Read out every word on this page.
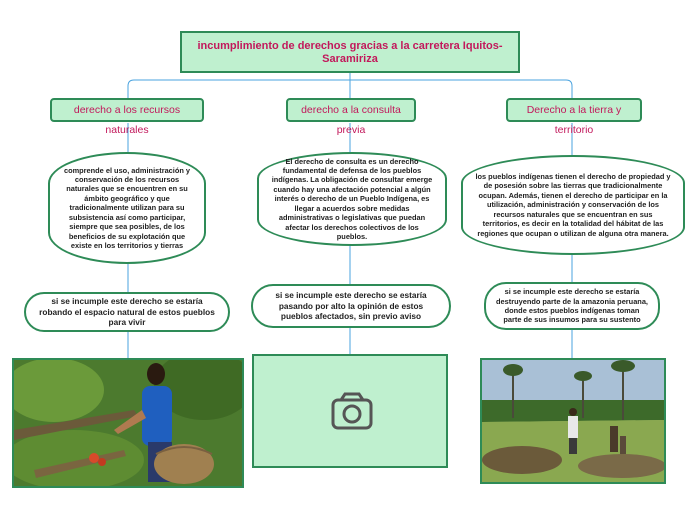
incumplimiento de derechos gracias a la carretera Iquitos-Saramiriza
derecho a los recursos naturales
comprende el uso, administración y conservación de los recursos naturales que se encuentren en su ámbito geográfico y que tradicionalmente utilizan para su subsistencia así como participar, siempre que sea posibles, de los beneficios de su explotación que existe en los territorios y tierras
si se incumple este derecho se estaría robando el espacio natural de estos pueblos para vivir
derecho a la consulta previa
El derecho de consulta es un derecho fundamental de defensa de los pueblos indígenas. La obligación de consultar emerge cuando hay una afectación potencial a algún interés o derecho de un Pueblo Indígena, es llegar a acuerdos sobre medidas administrativas o legislativas que puedan afectar los derechos colectivos de los pueblos.
si se incumple este derecho se estaría pasando por alto la opinión de estos pueblos afectados, sin previo aviso
Derecho a la tierra y territorio
los pueblos indígenas tienen el derecho de propiedad y de posesión sobre las tierras que tradicionalmente ocupan. Además, tienen el derecho de participar en la utilización, administración y conservación de los recursos naturales que se encuentran en sus territorios, es decir en la totalidad del hábitat de las regiones que ocupan o utilizan de alguna otra manera.
si se incumple este derecho se estaría destruyendo parte de la amazonia peruana, donde estos pueblos indígenas toman parte de sus insumos para su sustento
